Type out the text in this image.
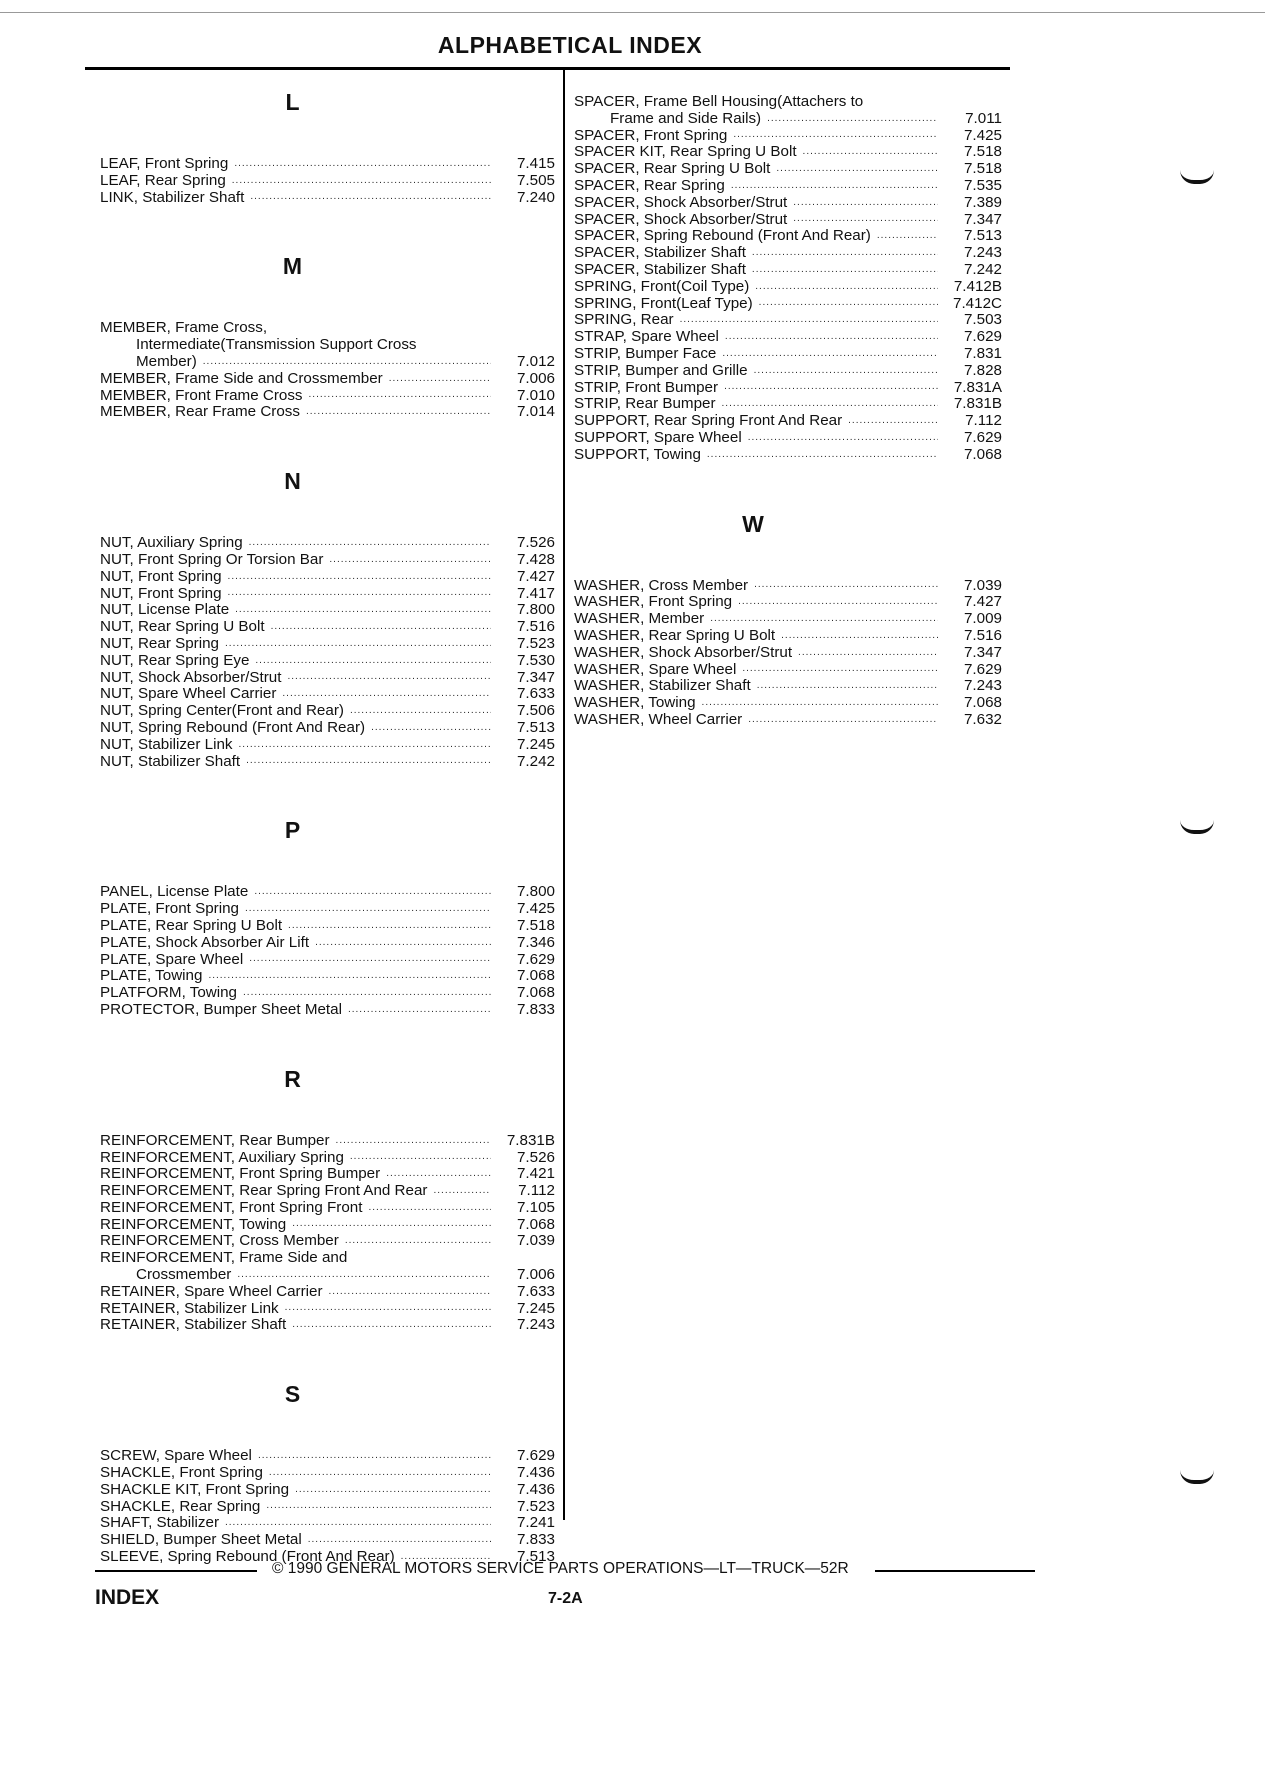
ALPHABETICAL INDEX
L
LEAF, Front Spring .....	7.415
LEAF, Rear Spring .....	7.505
LINK, Stabilizer Shaft .....	7.240
M
MEMBER, Frame Cross,
Intermediate(Transmission Support Cross
Member) .....	7.012
MEMBER, Frame Side and Crossmember .....	7.006
MEMBER, Front Frame Cross .....	7.010
MEMBER, Rear Frame Cross .....	7.014
N
NUT, Auxiliary Spring .....	7.526
NUT, Front Spring Or Torsion Bar .....	7.428
NUT, Front Spring .....	7.427
NUT, Front Spring .....	7.417
NUT, License Plate .....	7.800
NUT, Rear Spring U Bolt .....	7.516
NUT, Rear Spring .....	7.523
NUT, Rear Spring Eye .....	7.530
NUT, Shock Absorber/Strut .....	7.347
NUT, Spare Wheel Carrier .....	7.633
NUT, Spring Center(Front and Rear) .....	7.506
NUT, Spring Rebound (Front And Rear) .....	7.513
NUT, Stabilizer Link .....	7.245
NUT, Stabilizer Shaft .....	7.242
P
PANEL, License Plate .....	7.800
PLATE, Front Spring .....	7.425
PLATE, Rear Spring U Bolt .....	7.518
PLATE, Shock Absorber Air Lift .....	7.346
PLATE, Spare Wheel .....	7.629
PLATE, Towing .....	7.068
PLATFORM, Towing .....	7.068
PROTECTOR, Bumper Sheet Metal .....	7.833
R
REINFORCEMENT, Rear Bumper .....	7.831B
REINFORCEMENT, Auxiliary Spring .....	7.526
REINFORCEMENT, Front Spring Bumper .....	7.421
REINFORCEMENT, Rear Spring Front And Rear .....	7.112
REINFORCEMENT, Front Spring Front .....	7.105
REINFORCEMENT, Towing .....	7.068
REINFORCEMENT, Cross Member .....	7.039
REINFORCEMENT, Frame Side and
Crossmember .....	7.006
RETAINER, Spare Wheel Carrier .....	7.633
RETAINER, Stabilizer Link .....	7.245
RETAINER, Stabilizer Shaft .....	7.243
S
SCREW, Spare Wheel .....	7.629
SHACKLE, Front Spring .....	7.436
SHACKLE KIT, Front Spring .....	7.436
SHACKLE, Rear Spring .....	7.523
SHAFT, Stabilizer .....	7.241
SHIELD, Bumper Sheet Metal .....	7.833
SLEEVE, Spring Rebound (Front And Rear) .....	7.513
SPACER, Frame Bell Housing(Attachers to
Frame and Side Rails) .....	7.011
SPACER, Front Spring .....	7.425
SPACER KIT, Rear Spring U Bolt .....	7.518
SPACER, Rear Spring U Bolt .....	7.518
SPACER, Rear Spring .....	7.535
SPACER, Shock Absorber/Strut .....	7.389
SPACER, Shock Absorber/Strut .....	7.347
SPACER, Spring Rebound (Front And Rear) .....	7.513
SPACER, Stabilizer Shaft .....	7.243
SPACER, Stabilizer Shaft .....	7.242
SPRING, Front(Coil Type) .....	7.412B
SPRING, Front(Leaf Type) .....	7.412C
SPRING, Rear .....	7.503
STRAP, Spare Wheel .....	7.629
STRIP, Bumper Face .....	7.831
STRIP, Bumper and Grille .....	7.828
STRIP, Front Bumper .....	7.831A
STRIP, Rear Bumper .....	7.831B
SUPPORT, Rear Spring Front And Rear .....	7.112
SUPPORT, Spare Wheel .....	7.629
SUPPORT, Towing .....	7.068
W
WASHER, Cross Member .....	7.039
WASHER, Front Spring .....	7.427
WASHER, Member .....	7.009
WASHER, Rear Spring U Bolt .....	7.516
WASHER, Shock Absorber/Strut .....	7.347
WASHER, Spare Wheel .....	7.629
WASHER, Stabilizer Shaft .....	7.243
WASHER, Towing .....	7.068
WASHER, Wheel Carrier .....	7.632
© 1990 GENERAL MOTORS SERVICE PARTS OPERATIONS—LT—TRUCK—52R
INDEX	7-2A
